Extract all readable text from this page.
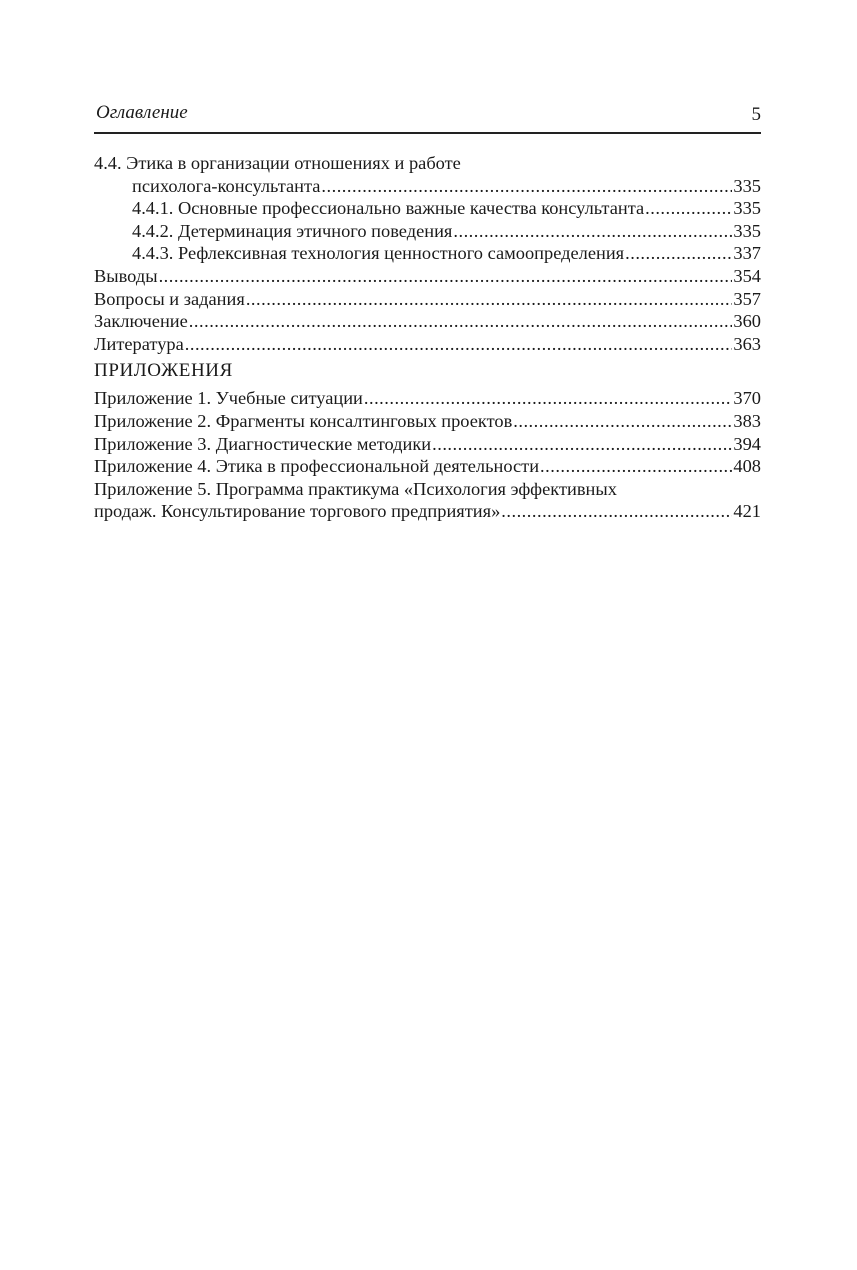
Оглавление	5
4.4. Этика в организации отношениях и работе
психолога-консультанта .....	335
4.4.1. Основные профессионально важные качества консультанта .....	335
4.4.2. Детерминация этичного поведения .....	335
4.4.3. Рефлексивная технология ценностного самоопределения .....	337
Выводы .....	354
Вопросы и задания .....	357
Заключение .....	360
Литература .....	363
ПРИЛОЖЕНИЯ
Приложение 1. Учебные ситуации .....	370
Приложение 2. Фрагменты консалтинговых проектов .....	383
Приложение 3. Диагностические методики .....	394
Приложение 4. Этика в профессиональной деятельности .....	408
Приложение 5. Программа практикума «Психология эффективных
продаж. Консультирование торгового предприятия» .....	421
